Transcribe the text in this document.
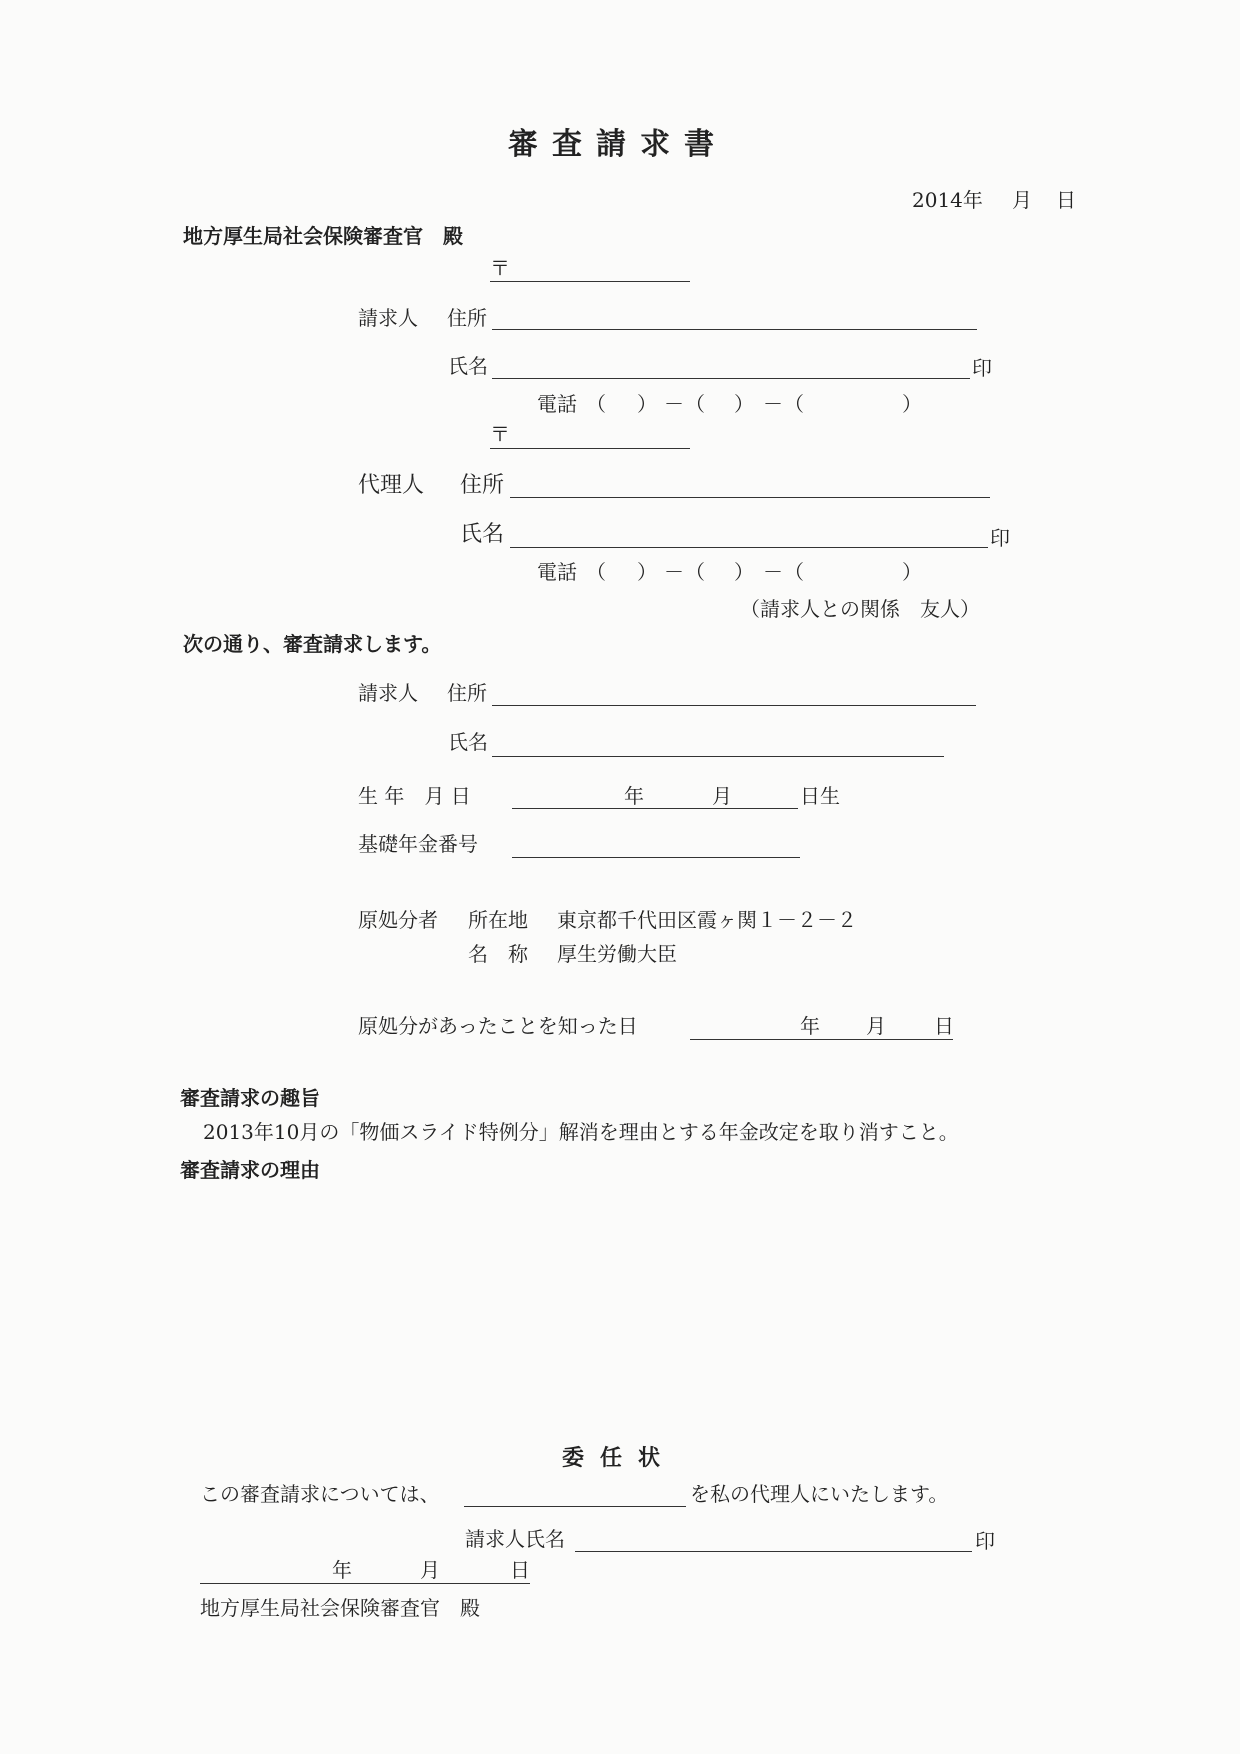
審査請求書
2014年 月 日
地方厚生局社会保険審査官　殿
〒
請求人 住所
氏名	印
電話 （ ） － （ ） － （	）
〒
代理人 住所
氏名	印
電話 （ ） － （ ） － （	）
（請求人との関係　友人）
次の通り、審査請求します。
請求人 住所
氏名
生 年　月 日	年	月	日生
基礎年金番号
原処分者 所在地 東京都千代田区霞ヶ関１－２－２
名　称 厚生労働大臣
原処分があったことを知った日	年 月 日
審査請求の趣旨
2013年10月の「物価スライド特例分」解消を理由とする年金改定を取り消すこと。
審査請求の理由
委任状
この審査請求については、	を私の代理人にいたします。
請求人氏名	印
年	月	日
地方厚生局社会保険審査官　殿
